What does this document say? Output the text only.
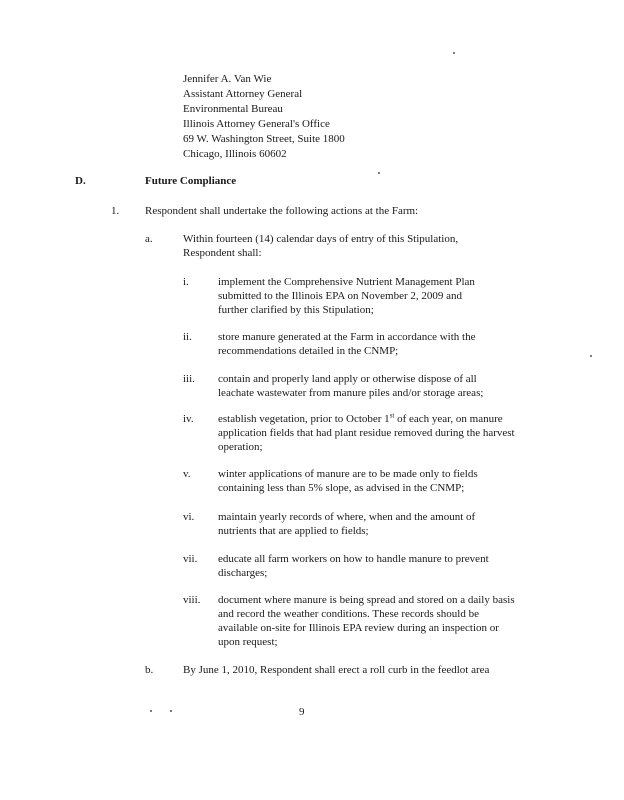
Jennifer A. Van Wie
Assistant Attorney General
Environmental Bureau
Illinois Attorney General's Office
69 W. Washington Street, Suite 1800
Chicago, Illinois 60602
D.	Future Compliance
1. Respondent shall undertake the following actions at the Farm:
a.	Within fourteen (14) calendar days of entry of this Stipulation,
Respondent shall:
i.	implement the Comprehensive Nutrient Management Plan
submitted to the Illinois EPA on November 2, 2009 and
further clarified by this Stipulation;
ii. store manure generated at the Farm in accordance with the
recommendations detailed in the CNMP;
iii. contain and properly land apply or otherwise dispose of all
leachate wastewater from manure piles and/or storage areas;
iv. establish vegetation, prior to October 1st of each year, on manure
application fields that had plant residue removed during the harvest
operation;
v. winter applications of manure are to be made only to fields
containing less than 5% slope, as advised in the CNMP;
vi. maintain yearly records of where, when and the amount of
nutrients that are applied to fields;
vii. educate all farm workers on how to handle manure to prevent
discharges;
viii. document where manure is being spread and stored on a daily basis
and record the weather conditions. These records should be
available on-site for Illinois EPA review during an inspection or
upon request;
b.	By June 1, 2010, Respondent shall erect a roll curb in the feedlot area
9
